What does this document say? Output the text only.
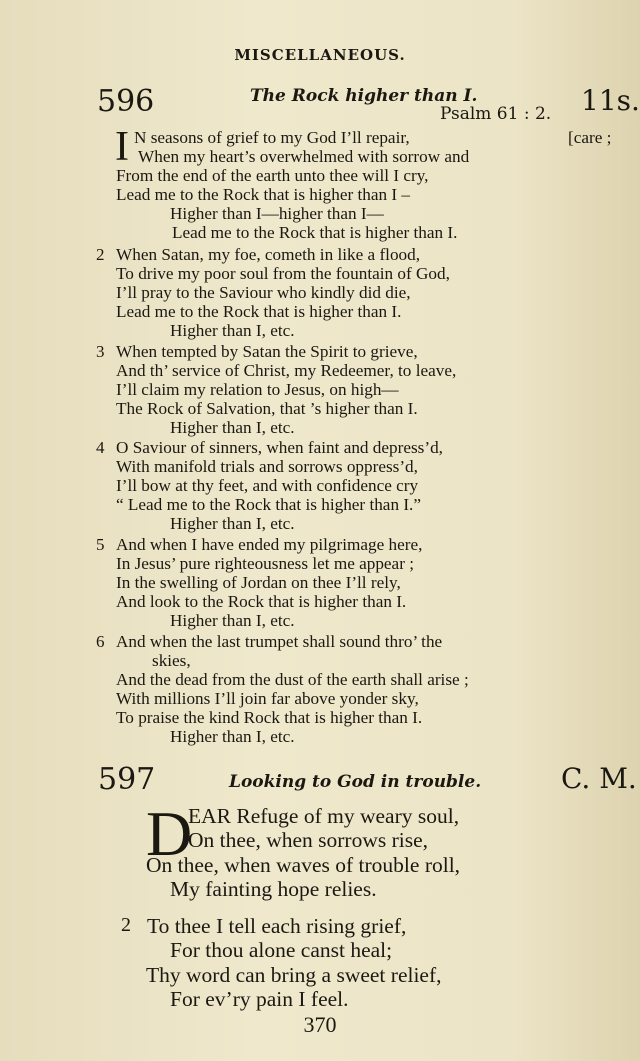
MISCELLANEOUS.
596	The Rock higher than I.	11s.
Psalm 61 : 2.
I N seasons of grief to my God I’ll repair,	[care ;
When my heart’s overwhelmed with sorrow and
From the end of the earth unto thee will I cry,
Lead me to the Rock that is higher than I –
Higher than I—higher than I—
Lead me to the Rock that is higher than I.
2 When Satan, my foe, cometh in like a flood,
To drive my poor soul from the fountain of God,
I’ll pray to the Saviour who kindly did die,
Lead me to the Rock that is higher than I.
Higher than I, etc.
3 When tempted by Satan the Spirit to grieve,
And th’ service of Christ, my Redeemer, to leave,
I’ll claim my relation to Jesus, on high—
The Rock of Salvation, that ’s higher than I.
Higher than I, etc.
4 O Saviour of sinners, when faint and depress’d,
With manifold trials and sorrows oppress’d,
I’ll bow at thy feet, and with confidence cry
“ Lead me to the Rock that is higher than I.”
Higher than I, etc.
5 And when I have ended my pilgrimage here,
In Jesus’ pure righteousness let me appear ;
In the swelling of Jordan on thee I’ll rely,
And look to the Rock that is higher than I.
Higher than I, etc.
6 And when the last trumpet shall sound thro’ the
skies,
And the dead from the dust of the earth shall arise ;
With millions I’ll join far above yonder sky,
To praise the kind Rock that is higher than I.
Higher than I, etc.
597	Looking to God in trouble.	C. M.
D
EAR Refuge of my weary soul,
On thee, when sorrows rise,
On thee, when waves of trouble roll,
My fainting hope relies.
2 To thee I tell each rising grief,
For thou alone canst heal;
Thy word can bring a sweet relief,
For ev’ry pain I feel.
370
